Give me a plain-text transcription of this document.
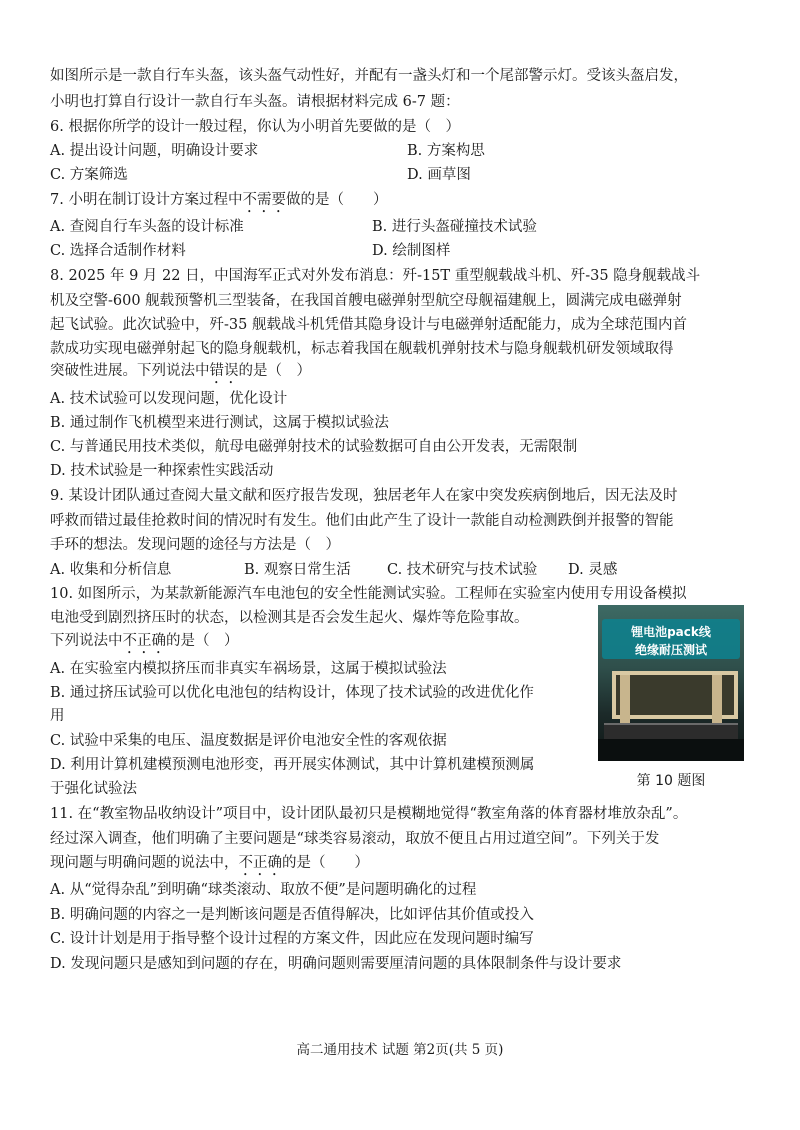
如图所示是一款自行车头盔，该头盔气动性好，并配有一盏头灯和一个尾部警示灯。受该头盔启发，
小明也打算自行设计一款自行车头盔。请根据材料完成 6-7 题：
6. 根据你所学的设计一般过程，你认为小明首先要做的是（　）
A. 提出设计问题，明确设计要求	B. 方案构思
C. 方案筛选	D. 画草图
7. 小明在制订设计方案过程中不需要做的是（　　）
A. 查阅自行车头盔的设计标准	B. 进行头盔碰撞技术试验
C. 选择合适制作材料	D. 绘制图样
8. 2025 年 9 月 22 日，中国海军正式对外发布消息：歼-15T 重型舰载战斗机、歼-35 隐身舰载战斗
机及空警-600 舰载预警机三型装备，在我国首艘电磁弹射型航空母舰福建舰上，圆满完成电磁弹射
起飞试验。此次试验中，歼-35 舰载战斗机凭借其隐身设计与电磁弹射适配能力，成为全球范围内首
款成功实现电磁弹射起飞的隐身舰载机，标志着我国在舰载机弹射技术与隐身舰载机研发领域取得
突破性进展。下列说法中错误的是（　）
A. 技术试验可以发现问题，优化设计
B. 通过制作飞机模型来进行测试，这属于模拟试验法
C. 与普通民用技术类似，航母电磁弹射技术的试验数据可自由公开发表，无需限制
D. 技术试验是一种探索性实践活动
9. 某设计团队通过查阅大量文献和医疗报告发现，独居老年人在家中突发疾病倒地后，因无法及时
呼救而错过最佳抢救时间的情况时有发生。他们由此产生了设计一款能自动检测跌倒并报警的智能
手环的想法。发现问题的途径与方法是（　）
A. 收集和分析信息	B. 观察日常生活 C. 技术研究与技术试验 D. 灵感
10. 如图所示，为某款新能源汽车电池包的安全性能测试实验。工程师在实验室内使用专用设备模拟
电池受到剧烈挤压时的状态，以检测其是否会发生起火、爆炸等危险事故。
下列说法中不正确的是（　）
A. 在实验室内模拟挤压而非真实车祸场景，这属于模拟试验法
B. 通过挤压试验可以优化电池包的结构设计，体现了技术试验的改进优化作
用
C. 试验中采集的电压、温度数据是评价电池安全性的客观依据
D. 利用计算机建模预测电池形变，再开展实体测试，其中计算机建模预测属
于强化试验法
锂电池pack线
绝缘耐压测试
第 10 题图
11. 在“教室物品收纳设计”项目中，设计团队最初只是模糊地觉得“教室角落的体育器材堆放杂乱”。
经过深入调查，他们明确了主要问题是“球类容易滚动，取放不便且占用过道空间”。下列关于发
现问题与明确问题的说法中，不正确的是（　　）
A. 从“觉得杂乱”到明确“球类滚动、取放不便”是问题明确化的过程
B. 明确问题的内容之一是判断该问题是否值得解决，比如评估其价值或投入
C. 设计计划是用于指导整个设计过程的方案文件，因此应在发现问题时编写
D. 发现问题只是感知到问题的存在，明确问题则需要厘清问题的具体限制条件与设计要求
高二通用技术 试题 第2页(共 5 页)
